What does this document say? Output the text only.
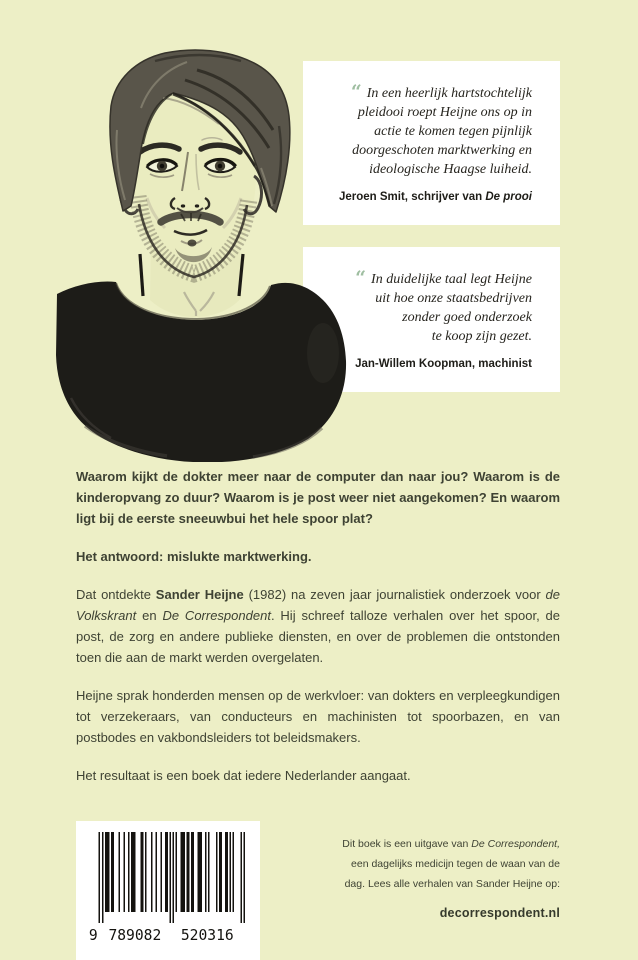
“ In een heerlijk hartstochtelijk
pleidooi roept Heijne ons op in
actie te komen tegen pijnlijk
doorgeschoten marktwerking en
ideologische Haagse luiheid.
Jeroen Smit, schrijver van De prooi
“ In duidelijke taal legt Heijne
uit hoe onze staatsbedrijven
zonder goed onderzoek
te koop zijn gezet.
Jan-Willem Koopman, machinist

Waarom kijkt de dokter meer naar de computer dan naar jou? Waarom is de kinderopvang zo duur? Waarom is je post weer niet aangekomen? En waarom ligt bij de eerste sneeuwbui het hele spoor plat?

Het antwoord: mislukte marktwerking.

Dat ontdekte Sander Heijne (1982) na zeven jaar journalistiek onderzoek voor de Volkskrant en De Correspondent. Hij schreef talloze verhalen over het spoor, de post, de zorg en andere publieke diensten, en over de problemen die ontstonden toen die aan de markt werden overgelaten.

Heijne sprak honderden mensen op de werkvloer: van dokters en verpleegkundigen tot verzekeraars, van conducteurs en machinisten tot spoorbazen, en van postbodes en vakbondsleiders tot beleidsmakers.

Het resultaat is een boek dat iedere Nederlander aangaat.

9 789082 520316
Dit boek is een uitgave van De Correspondent,
een dagelijks medicijn tegen de waan van de
dag. Lees alle verhalen van Sander Heijne op:
decorrespondent.nl
